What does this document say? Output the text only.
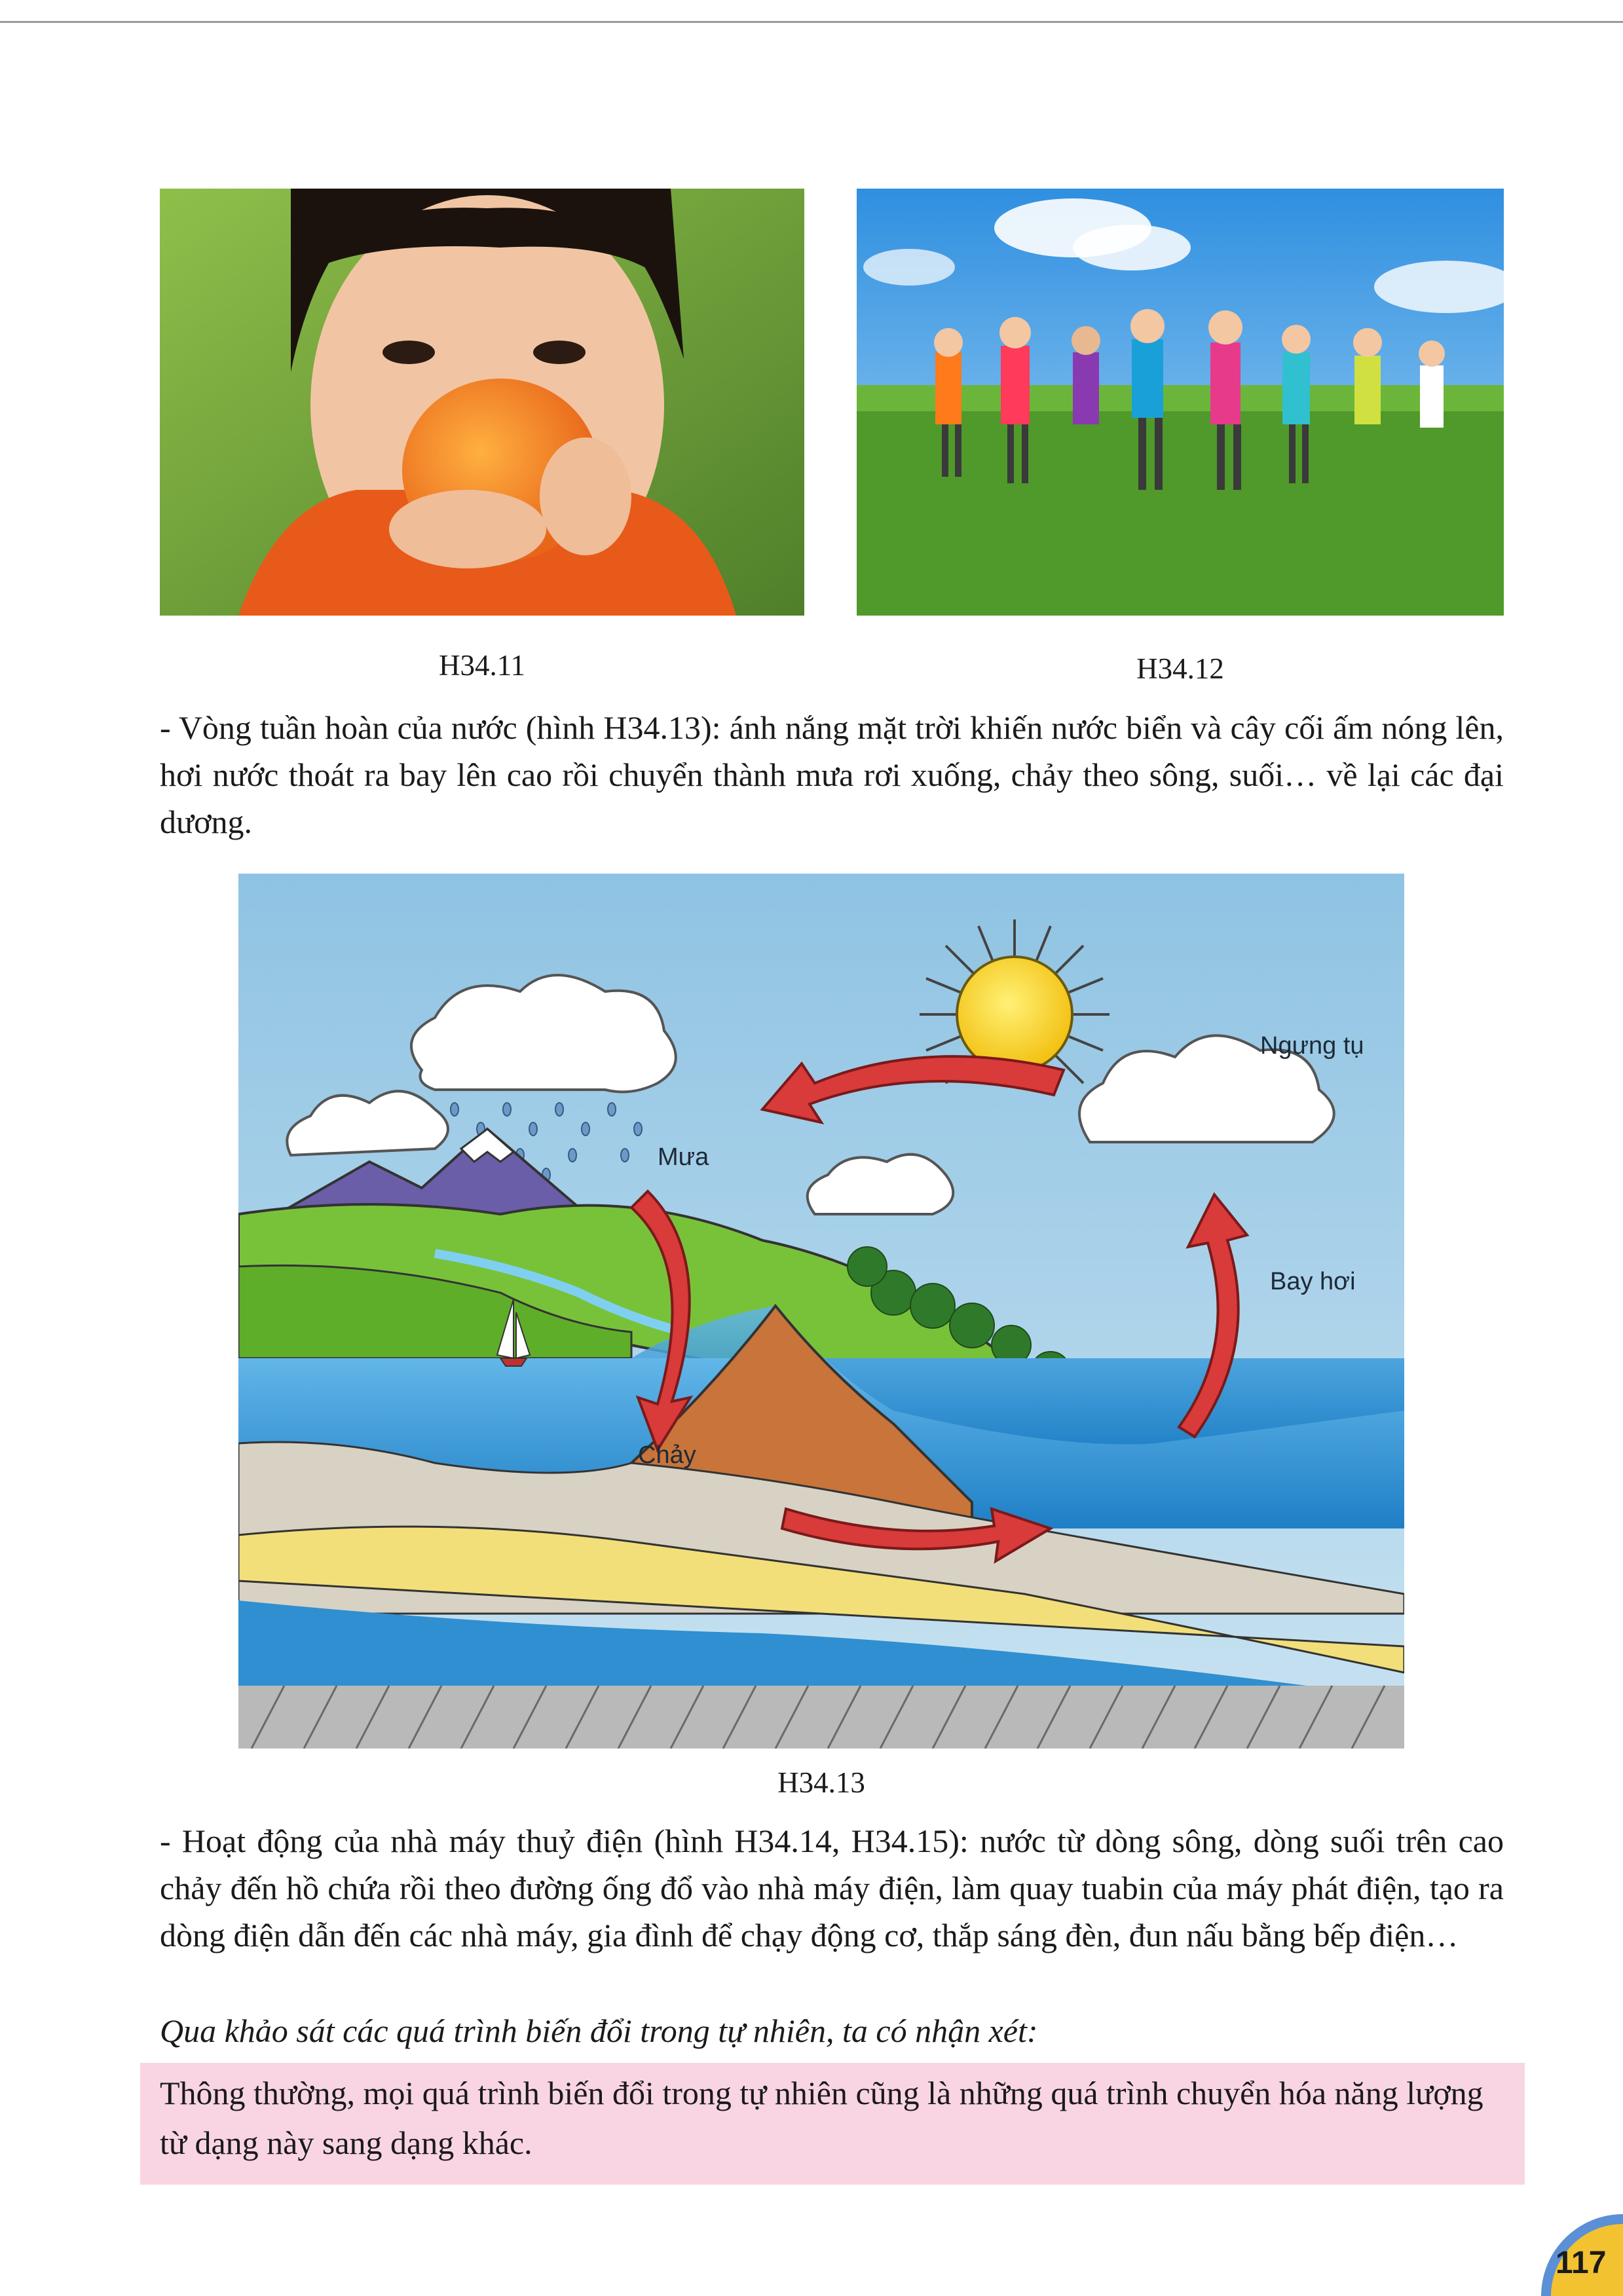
H34.11	H34.12

- Vòng tuần hoàn của nước (hình H34.13): ánh nắng mặt trời khiến nước biển và cây cối ấm nóng lên, hơi nước thoát ra bay lên cao rồi chuyển thành mưa rơi xuống, chảy theo sông, suối… về lại các đại dương.

Ngưng tụ
Mưa
Bay hơi
Chảy
H34.13

- Hoạt động của nhà máy thuỷ điện (hình H34.14, H34.15): nước từ dòng sông, dòng suối trên cao chảy đến hồ chứa rồi theo đường ống đổ vào nhà máy điện, làm quay tuabin của máy phát điện, tạo ra dòng điện dẫn đến các nhà máy, gia đình để chạy động cơ, thắp sáng đèn, đun nấu bằng bếp điện…

Qua khảo sát các quá trình biến đổi trong tự nhiên, ta có nhận xét:

Thông thường, mọi quá trình biến đổi trong tự nhiên cũng là những quá trình chuyển hóa năng lượng từ dạng này sang dạng khác.

117
